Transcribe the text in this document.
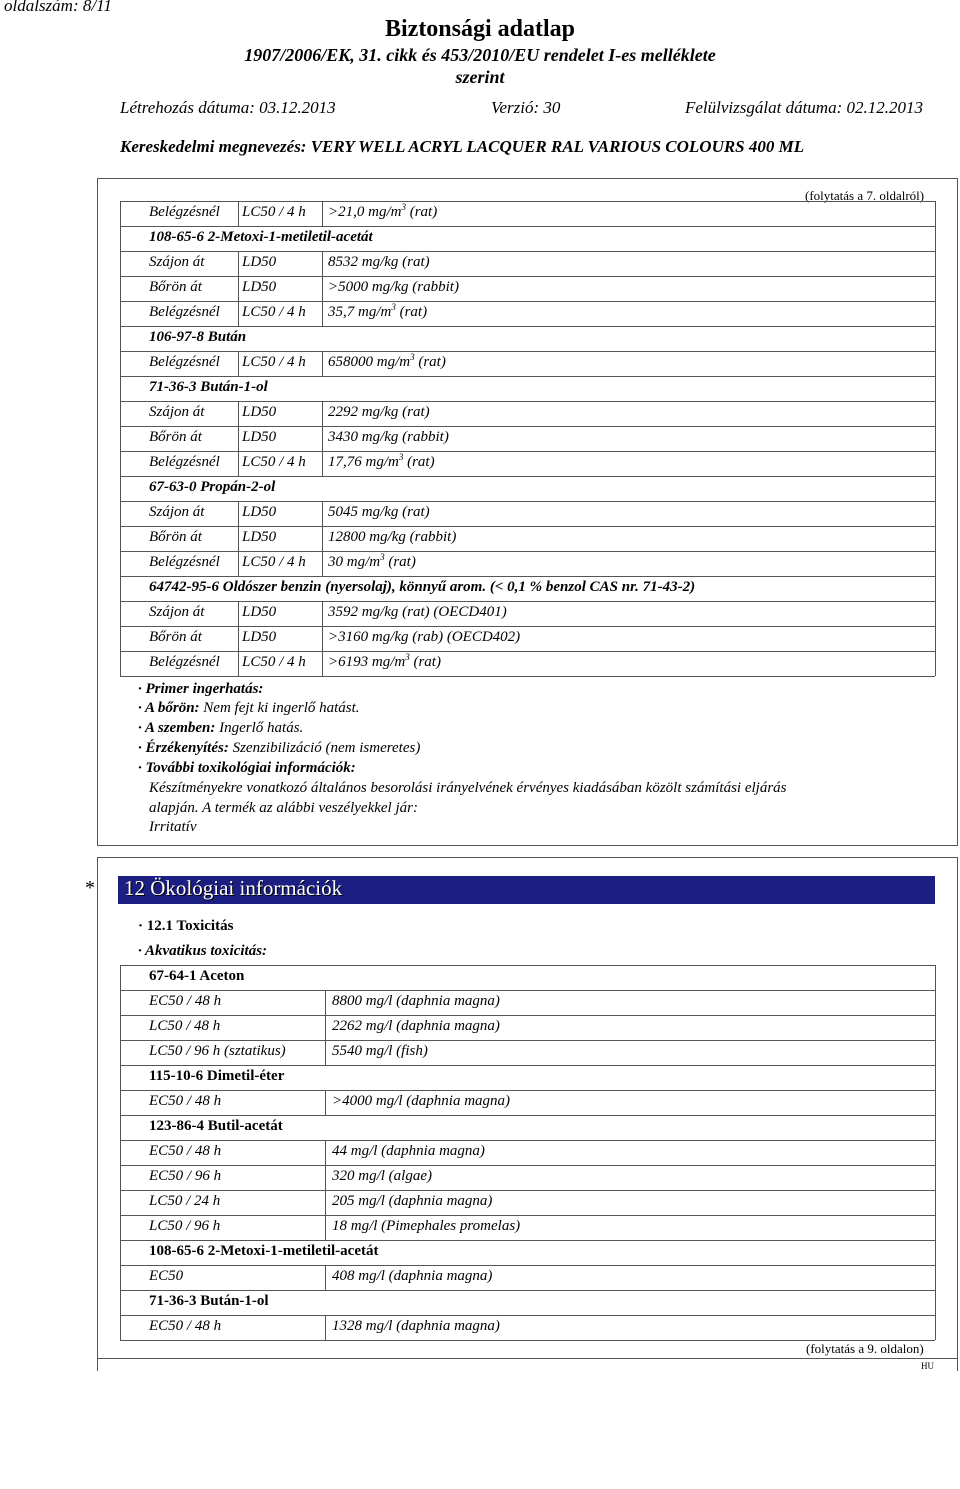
oldalszám: 8/11
Biztonsági adatlap
1907/2006/EK, 31. cikk és 453/2010/EU rendelet I-es melléklete
szerint
Létrehozás dátuma: 03.12.2013	Verzió: 30	Felülvizsgálat dátuma: 02.12.2013
Kereskedelmi megnevezés: VERY WELL ACRYL LACQUER RAL VARIOUS COLOURS 400 ML
(folytatás a 7. oldalról)
Belégzésnél LC50 / 4 h >21,0 $mg/m^3$ (rat)
108-65-6 2-Metoxi-1-metiletil-acetát
Szájon át	LD50	8532 mg/kg (rat)
Bőrön át	LD50	>5000 mg/kg (rabbit)
Belégzésnél LC50 / 4 h 35,7 $mg/m^3$ (rat)
106-97-8 Bután
Belégzésnél LC50 / 4 h 658000 $mg/m^3$ (rat)
71-36-3 Bután-1-ol
Szájon át	LD50	2292 mg/kg (rat)
Bőrön át	LD50	3430 mg/kg (rabbit)
Belégzésnél LC50 / 4 h 17,76 $mg/m^3$ (rat)
67-63-0 Propán-2-ol
Szájon át	LD50	5045 mg/kg (rat)
Bőrön át	LD50	12800 mg/kg (rabbit)
Belégzésnél LC50 / 4 h 30 $mg/m^3$ (rat)
64742-95-6 Oldószer benzin (nyersolaj), könnyű arom. (< 0,1 % benzol CAS nr. 71-43-2)
Szájon át	LD50	3592 mg/kg (rat) (OECD401)
Bőrön át	LD50	>3160 mg/kg (rab) (OECD402)
Belégzésnél LC50 / 4 h >6193 $mg/m^3$ (rat)
· Primer ingerhatás:
· A bőrön: Nem fejt ki ingerlő hatást.
· A szemben: Ingerlő hatás.
· Érzékenyítés: Szenzibilizáció (nem ismeretes)
· További toxikológiai információk:
Készítményekre vonatkozó általános besorolási irányelvének érvényes kiadásában közölt számítási eljárás
alapján. A termék az alábbi veszélyekkel jár:
Irritatív
* 12 Ökológiai információk
· 12.1 Toxicitás
· Akvatikus toxicitás:
67-64-1 Aceton
EC50 / 48 h	8800 mg/l (daphnia magna)
LC50 / 48 h	2262 mg/l (daphnia magna)
LC50 / 96 h (sztatikus)	5540 mg/l (fish)
115-10-6 Dimetil-éter
EC50 / 48 h	>4000 mg/l (daphnia magna)
123-86-4 Butil-acetát
EC50 / 48 h	44 mg/l (daphnia magna)
EC50 / 96 h	320 mg/l (algae)
LC50 / 24 h	205 mg/l (daphnia magna)
LC50 / 96 h	18 mg/l (Pimephales promelas)
108-65-6 2-Metoxi-1-metiletil-acetát
EC50	408 mg/l (daphnia magna)
71-36-3 Bután-1-ol
EC50 / 48 h	1328 mg/l (daphnia magna)
(folytatás a 9. oldalon)
HU
